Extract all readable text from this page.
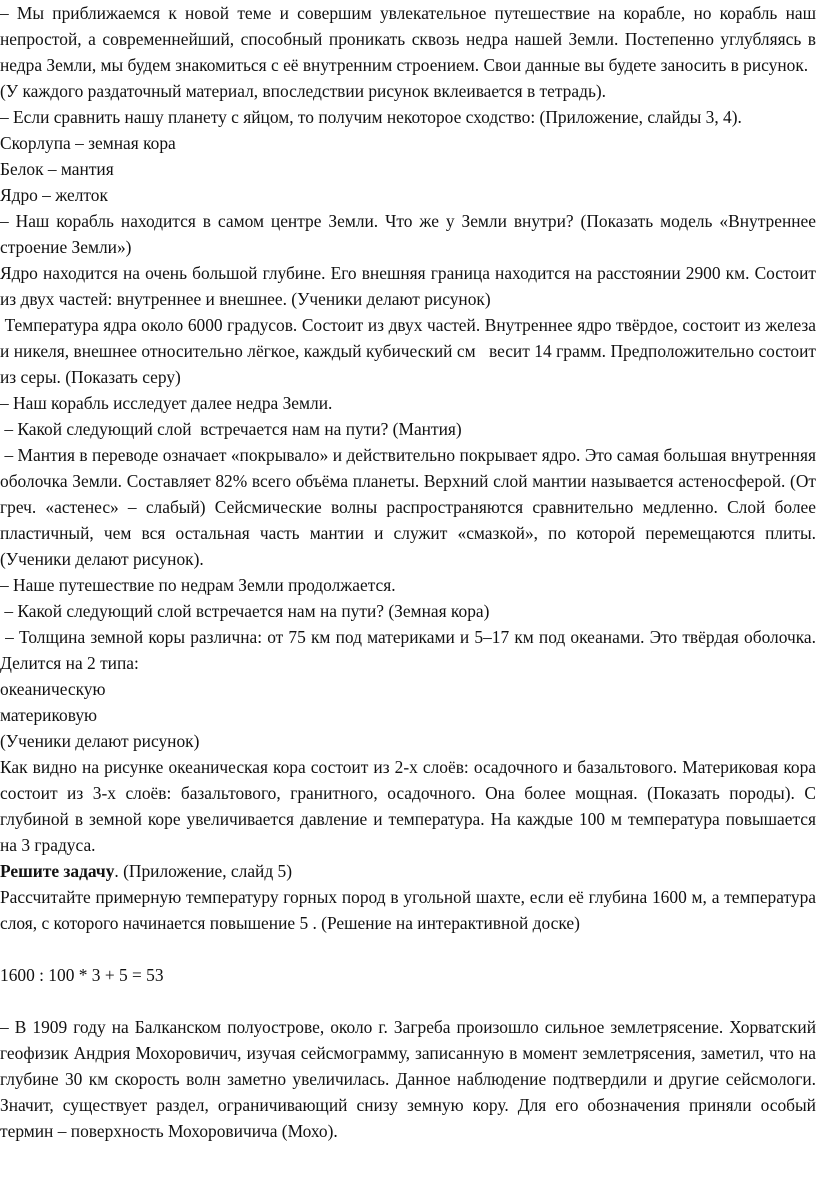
– Мы приближаемся к новой теме и совершим увлекательное путешествие на корабле, но корабль наш непростой, а современнейший, способный проникать сквозь недра нашей Земли. Постепенно углубляясь в недра Земли, мы будем знакомиться с её внутренним строением. Свои данные вы будете заносить в рисунок.

(У каждого раздаточный материал, впоследствии рисунок вклеивается в тетрадь).

– Если сравнить нашу планету с яйцом, то получим некоторое сходство: (Приложение, слайды 3, 4).

Скорлупа – земная кора

Белок – мантия

Ядро – желток

– Наш корабль находится в самом центре Земли. Что же у Земли внутри? (Показать модель «Внутреннее строение Земли»)

Ядро находится на очень большой глубине. Его внешняя граница находится на расстоянии 2900 км. Состоит из двух частей: внутреннее и внешнее. (Ученики делают рисунок)

Температура ядра около 6000 градусов. Состоит из двух частей. Внутреннее ядро твёрдое, состоит из железа и никеля, внешнее относительно лёгкое, каждый кубический см   весит 14 грамм. Предположительно состоит из серы. (Показать серу)

– Наш корабль исследует далее недра Земли.

– Какой следующий слой  встречается нам на пути? (Мантия)

– Мантия в переводе означает «покрывало» и действительно покрывает ядро. Это самая большая внутренняя оболочка Земли. Составляет 82% всего объёма планеты. Верхний слой мантии называется астеносферой. (От греч. «астенес» – слабый) Сейсмические волны распространяются сравнительно медленно. Слой более пластичный, чем вся остальная часть мантии и служит «смазкой», по которой перемещаются плиты.(Ученики делают рисунок).

– Наше путешествие по недрам Земли продолжается.

– Какой следующий слой встречается нам на пути? (Земная кора)

– Толщина земной коры различна: от 75 км под материками и 5–17 км под океанами. Это твёрдая оболочка. Делится на 2 типа:

океаническую

материковую

(Ученики делают рисунок)

Как видно на рисунке океаническая кора состоит из 2-х слоёв: осадочного и базальтового. Материковая кора состоит из 3-х слоёв: базальтового, гранитного, осадочного. Она более мощная. (Показать породы). С глубиной в земной коре увеличивается давление и температура. На каждые 100 м температура повышается на 3 градуса.

Решите задачу. (Приложение, слайд 5)

Рассчитайте примерную температуру горных пород в угольной шахте, если её глубина 1600 м, а температура слоя, с которого начинается повышение 5 . (Решение на интерактивной доске)

1600 : 100 * 3 + 5 = 53

– В 1909 году на Балканском полуострове, около г. Загреба произошло сильное землетрясение. Хорватский геофизик Андрия Мохоровичич, изучая сейсмограмму, записанную в момент землетрясения, заметил, что на глубине 30 км скорость волн заметно увеличилась. Данное наблюдение подтвердили и другие сейсмологи. Значит, существует раздел, ограничивающий снизу земную кору. Для его обозначения приняли особый термин – поверхность Мохоровичича (Мохо).
